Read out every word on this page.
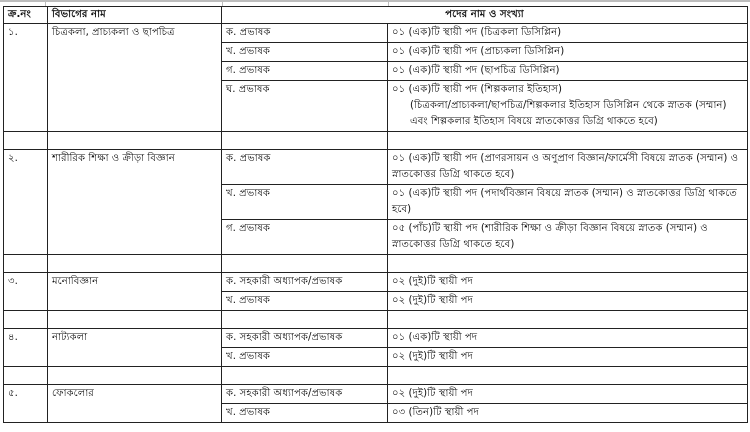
ক্র.নং	বিভাগের নাম	পদের নাম ও সংখ্যা	
১.	চিত্রকলা, প্রাচ্যকলা ও ছাপচিত্র	ক. প্রভাষক	০১ (এক)টি স্থায়ী পদ (চিত্রকলা ডিসিপ্লিন)
		খ. প্রভাষক	০১ (এক)টি স্থায়ী পদ (প্রাচ্যকলা ডিসিপ্লিন)
		গ. প্রভাষক	০১ (এক)টি স্থায়ী পদ (ছাপচিত্র ডিসিপ্লিন)
		ঘ. প্রভাষক	০১ (এক)টি স্থায়ী পদ (শিল্পকলার ইতিহাস)
(চিত্রকলা/প্রাচ্যকলা/ছাপচিত্র/শিল্পকলার ইতিহাস ডিসিপ্লিন থেকে স্নাতক (সম্মান) এবং শিল্পকলার ইতিহাস বিষয়ে স্নাতকোত্তর ডিগ্রি থাকতে হবে)

২.	শারীরিক শিক্ষা ও ক্রীড়া বিজ্ঞান	ক. প্রভাষক	০১ (এক)টি স্থায়ী পদ (প্রাণরসায়ন ও অণুপ্রাণ বিজ্ঞান/ফার্মেসী বিষয়ে স্নাতক (সম্মান) ও স্নাতকোত্তর ডিগ্রি থাকতে হবে)
		খ. প্রভাষক	০১ (এক)টি স্থায়ী পদ (পদার্থবিজ্ঞান বিষয়ে স্নাতক (সম্মান) ও স্নাতকোত্তর ডিগ্রি থাকতে হবে)
		গ. প্রভাষক	০৫ (পাঁচ)টি স্থায়ী পদ (শারীরিক শিক্ষা ও ক্রীড়া বিজ্ঞান বিষয়ে স্নাতক (সম্মান) ও স্নাতকোত্তর ডিগ্রি থাকতে হবে)

৩.	মনোবিজ্ঞান	ক. সহকারী অধ্যাপক/প্রভাষক	০২ (দুই)টি স্থায়ী পদ
		খ. প্রভাষক	০২ (দুই)টি স্থায়ী পদ

৪.	নাট্যকলা	ক. সহকারী অধ্যাপক/প্রভাষক	০১ (এক)টি স্থায়ী পদ
		খ. প্রভাষক	০২ (দুই)টি স্থায়ী পদ

৫.	ফোকলোর	ক. সহকারী অধ্যাপক/প্রভাষক	০২ (দুই)টি স্থায়ী পদ
		খ. প্রভাষক	০৩ (তিন)টি স্থায়ী পদ
